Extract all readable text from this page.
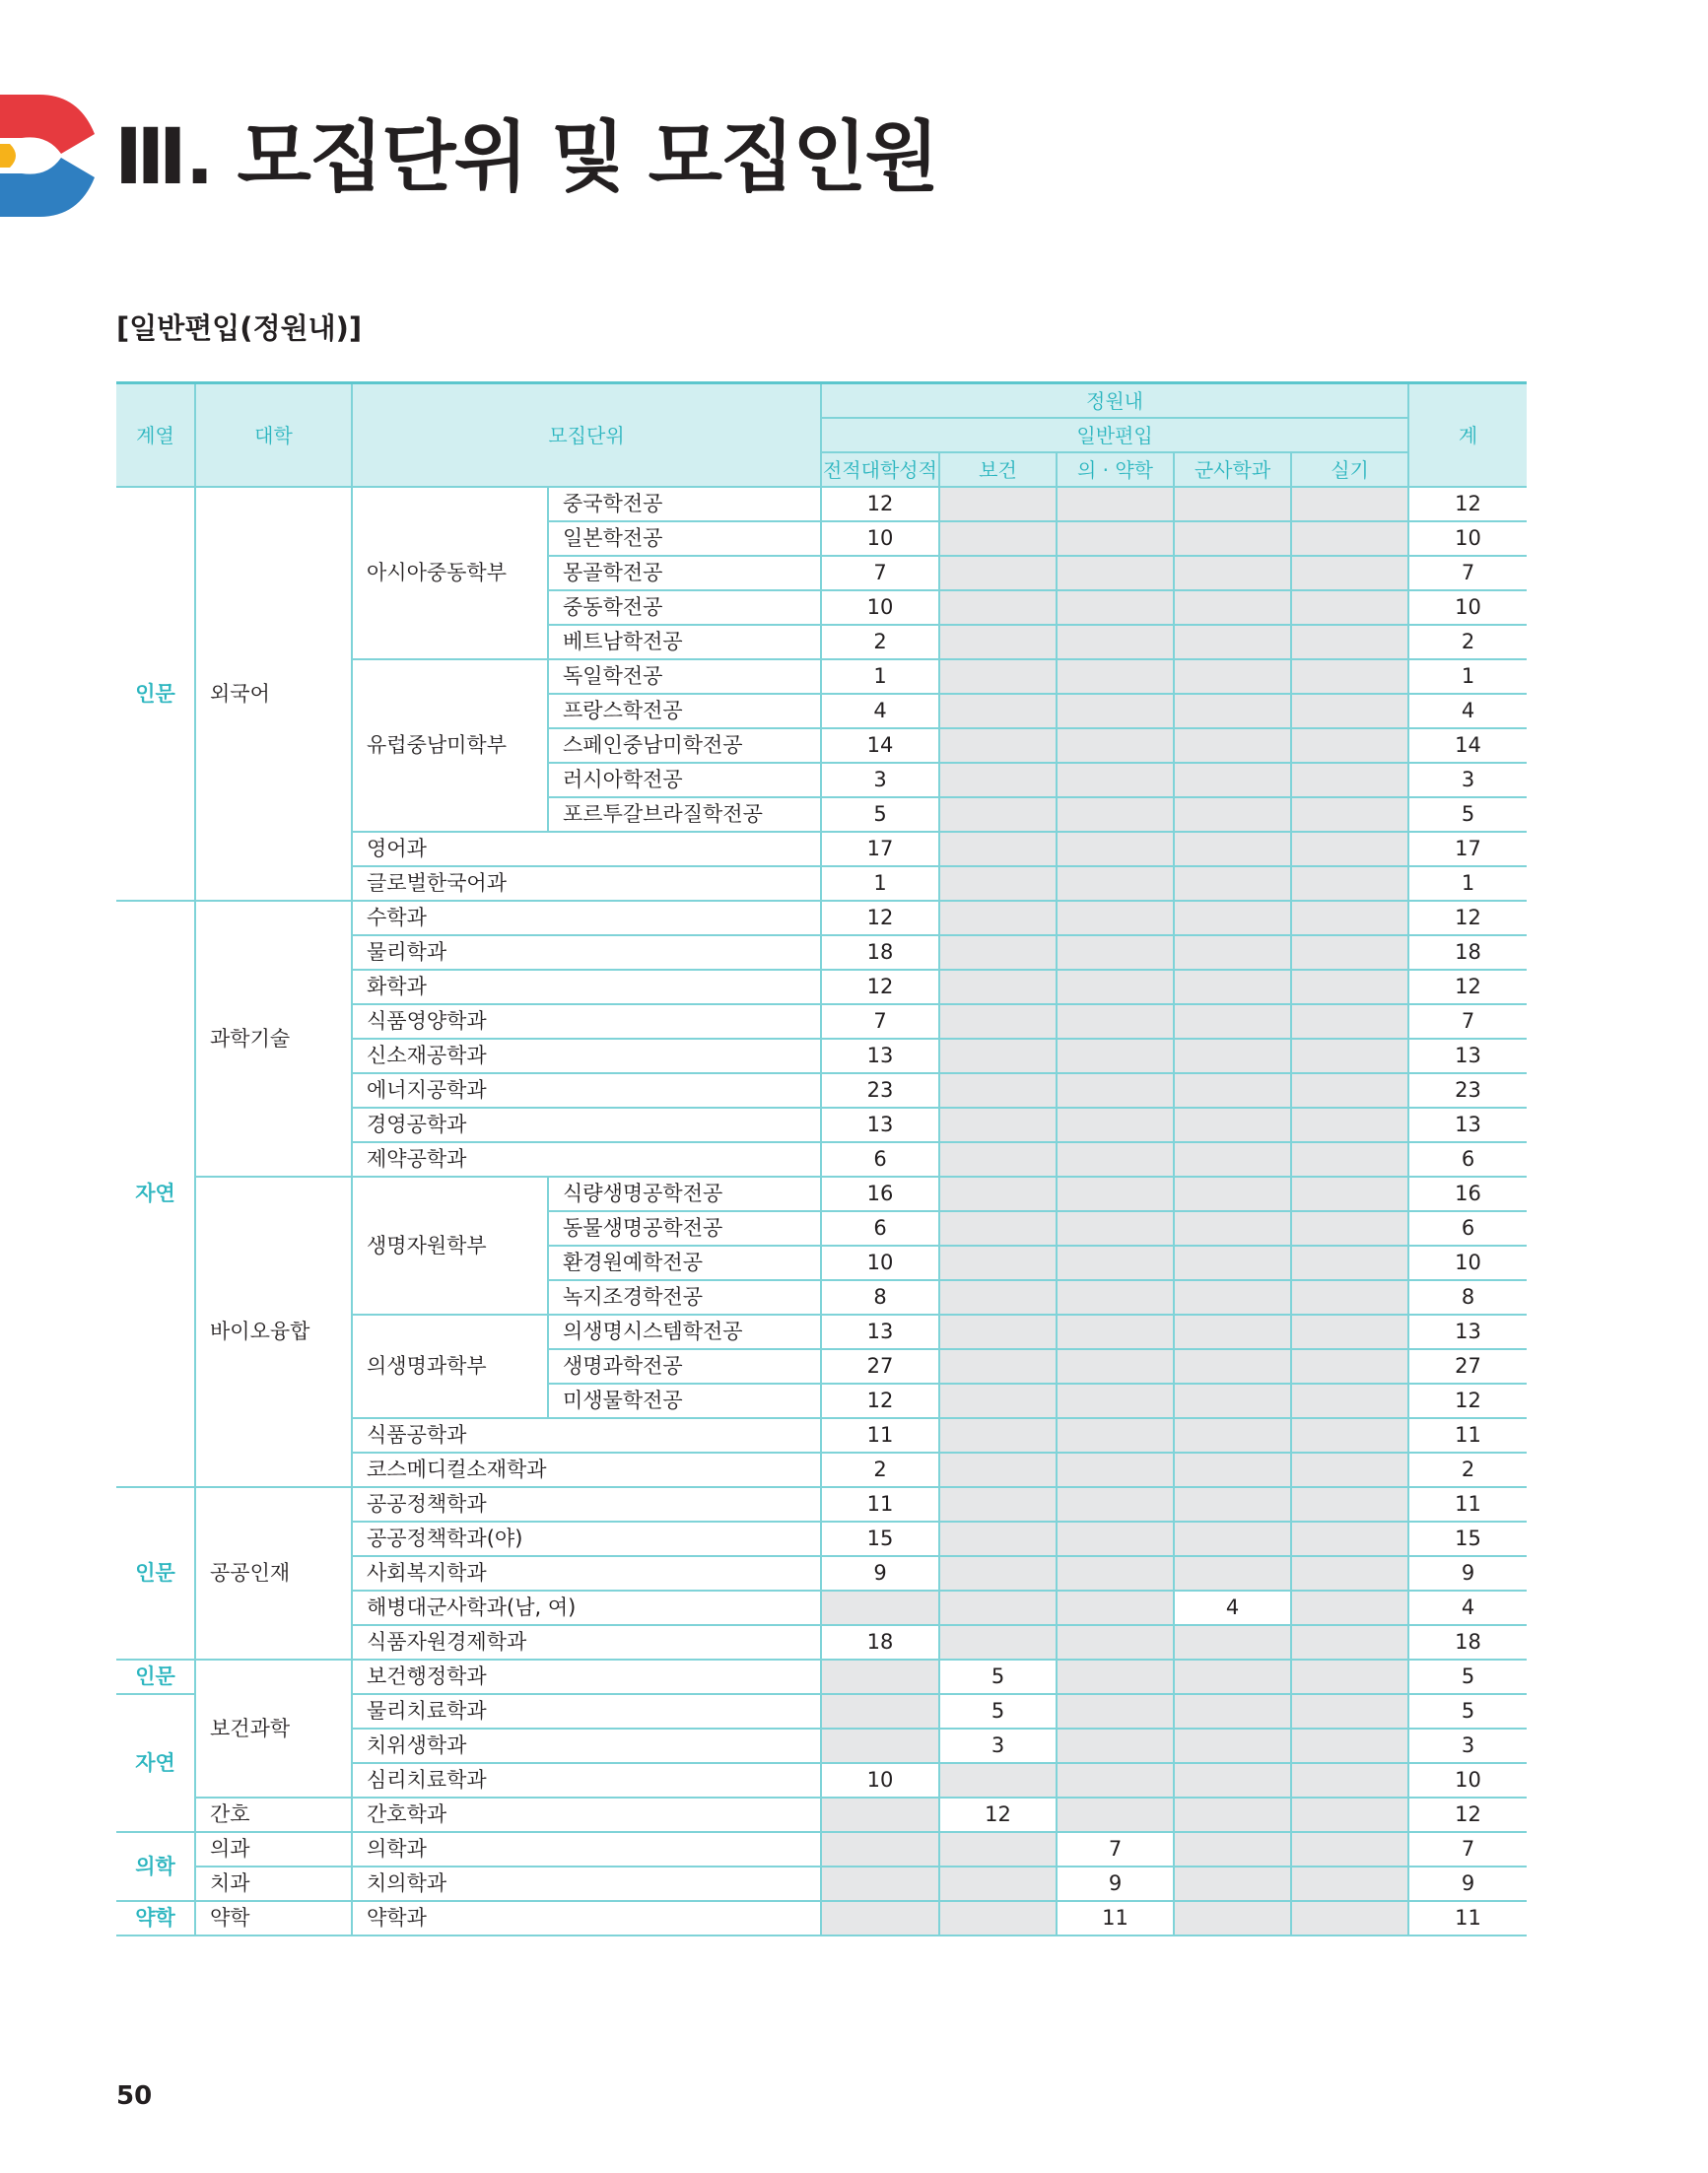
Ⅲ. 모집단위 및 모집인원
[일반편입(정원내)]
계열	대학	모집단위		정원내					계
				일반편입					
				전적대학성적	보건	의 · 약학	군사학과	실기	
인문	외국어	아시아중동학부	중국학전공	12					12
			일본학전공	10					10
			몽골학전공	7					7
			중동학전공	10					10
			베트남학전공	2					2
		유럽중남미학부	독일학전공	1					1
			프랑스학전공	4					4
			스페인중남미학전공	14					14
			러시아학전공	3					3
			포르투갈브라질학전공	5					5
		영어과		17					17
		글로벌한국어과		1					1
자연	과학기술	수학과		12					12
		물리학과		18					18
		화학과		12					12
		식품영양학과		7					7
		신소재공학과		13					13
		에너지공학과		23					23
		경영공학과		13					13
		제약공학과		6					6
	바이오융합	생명자원학부	식량생명공학전공	16					16
			동물생명공학전공	6					6
			환경원예학전공	10					10
			녹지조경학전공	8					8
		의생명과학부	의생명시스템학전공	13					13
			생명과학전공	27					27
			미생물학전공	12					12
		식품공학과		11					11
		코스메디컬소재학과		2					2
인문	공공인재	공공정책학과		11					11
		공공정책학과(야)		15					15
		사회복지학과		9					9
		해병대군사학과(남, 여)					4		4
		식품자원경제학과		18					18
인문	보건과학	보건행정학과			5				5
자연		물리치료학과			5				5
		치위생학과			3				3
		심리치료학과		10					10
	간호	간호학과			12				12
의학	의과	의학과				7			7
	치과	치의학과				9			9
약학	약학	약학과				11			11
50
